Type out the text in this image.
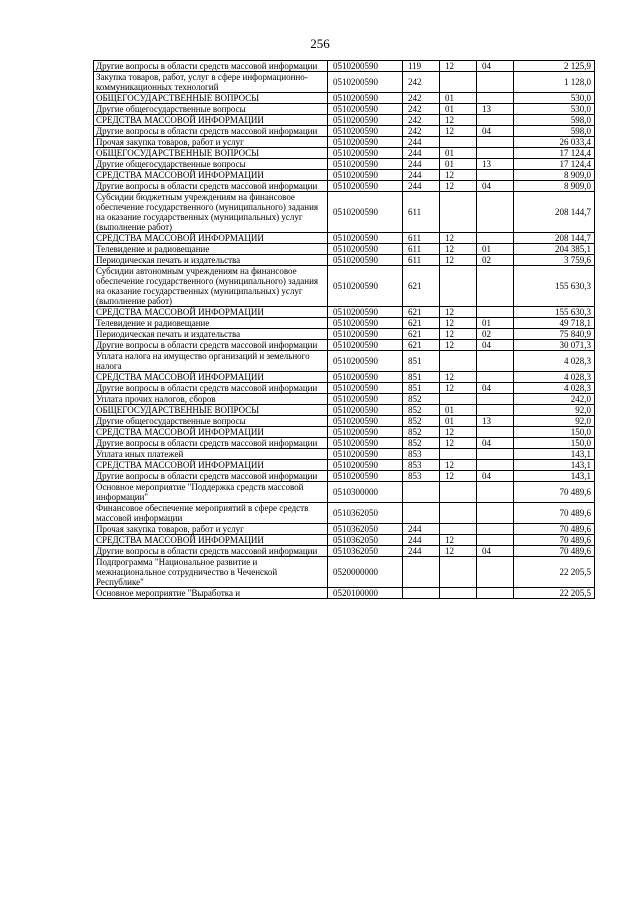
256
Другие вопросы в области средств массовой информации	0510200590	119	12	04	2 125,9
Закупка товаров, работ, услуг в сфере информационно-коммуникационных технологий	0510200590	242			1 128,0
ОБЩЕГОСУДАРСТВЕННЫЕ ВОПРОСЫ	0510200590	242	01		530,0
Другие общегосударственные вопросы	0510200590	242	01	13	530,0
СРЕДСТВА МАССОВОЙ ИНФОРМАЦИИ	0510200590	242	12		598,0
Другие вопросы в области средств массовой информации	0510200590	242	12	04	598,0
Прочая закупка товаров, работ и услуг	0510200590	244			26 033,4
ОБЩЕГОСУДАРСТВЕННЫЕ ВОПРОСЫ	0510200590	244	01		17 124,4
Другие общегосударственные вопросы	0510200590	244	01	13	17 124,4
СРЕДСТВА МАССОВОЙ ИНФОРМАЦИИ	0510200590	244	12		8 909,0
Другие вопросы в области средств массовой информации	0510200590	244	12	04	8 909,0
Субсидии бюджетным учреждениям на финансовое обеспечение государственного (муниципального) задания на оказание государственных (муниципальных) услуг (выполнение работ)	0510200590	611			208 144,7
СРЕДСТВА МАССОВОЙ ИНФОРМАЦИИ	0510200590	611	12		208 144,7
Телевидение и радиовещание	0510200590	611	12	01	204 385,1
Периодическая печать и издательства	0510200590	611	12	02	3 759,6
Субсидии автономным учреждениям на финансовое обеспечение государственного (муниципального) задания на оказание государственных (муниципальных) услуг (выполнение работ)	0510200590	621			155 630,3
СРЕДСТВА МАССОВОЙ ИНФОРМАЦИИ	0510200590	621	12		155 630,3
Телевидение и радиовещание	0510200590	621	12	01	49 718,1
Периодическая печать и издательства	0510200590	621	12	02	75 840,9
Другие вопросы в области средств массовой информации	0510200590	621	12	04	30 071,3
Уплата налога на имущество организаций и земельного налога	0510200590	851			4 028,3
СРЕДСТВА МАССОВОЙ ИНФОРМАЦИИ	0510200590	851	12		4 028,3
Другие вопросы в области средств массовой информации	0510200590	851	12	04	4 028,3
Уплата прочих налогов, сборов	0510200590	852			242,0
ОБЩЕГОСУДАРСТВЕННЫЕ ВОПРОСЫ	0510200590	852	01		92,0
Другие общегосударственные вопросы	0510200590	852	01	13	92,0
СРЕДСТВА МАССОВОЙ ИНФОРМАЦИИ	0510200590	852	12		150,0
Другие вопросы в области средств массовой информации	0510200590	852	12	04	150,0
Уплата иных платежей	0510200590	853			143,1
СРЕДСТВА МАССОВОЙ ИНФОРМАЦИИ	0510200590	853	12		143,1
Другие вопросы в области средств массовой информации	0510200590	853	12	04	143,1
Основное мероприятие "Поддержка средств массовой информации"	0510300000				70 489,6
Финансовое обеспечение мероприятий в сфере средств массовой информации	0510362050				70 489,6
Прочая закупка товаров, работ и услуг	0510362050	244			70 489,6
СРЕДСТВА МАССОВОЙ ИНФОРМАЦИИ	0510362050	244	12		70 489,6
Другие вопросы в области средств массовой информации	0510362050	244	12	04	70 489,6
Подпрограмма "Национальное развитие и межнациональное сотрудничество в Чеченской Республике"	0520000000				22 205,5
Основное мероприятие "Выработка и	0520100000				22 205,5
